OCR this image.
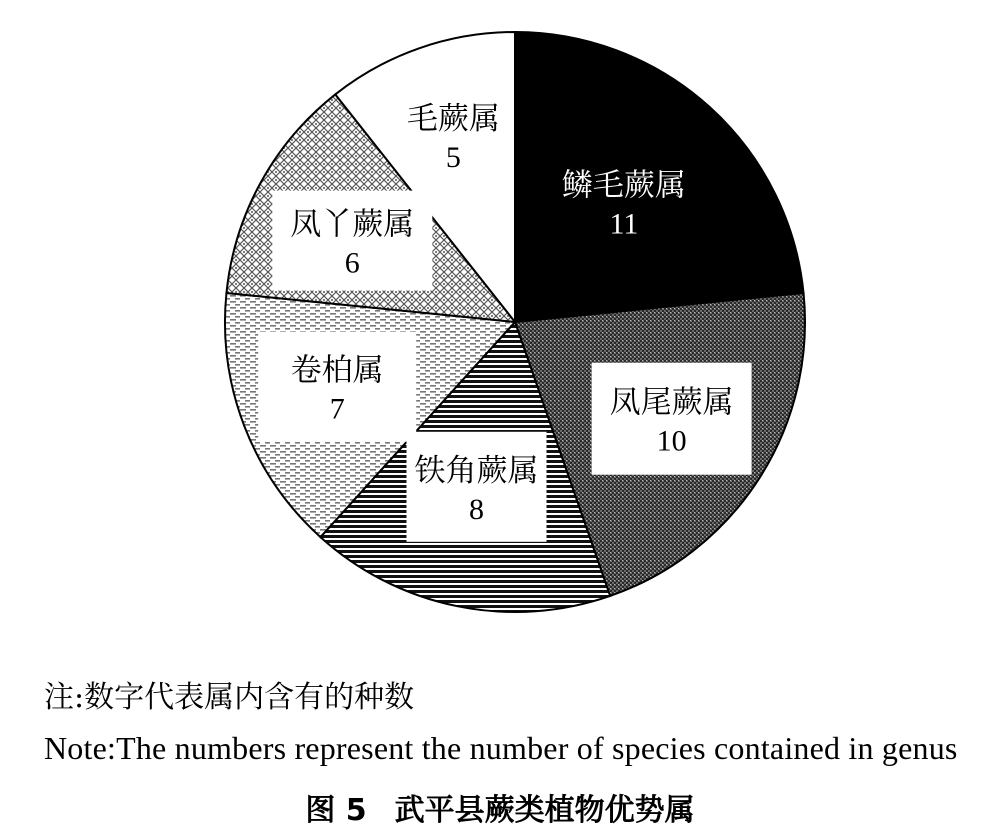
鳞毛蕨属
11
凤尾蕨属
10
铁角蕨属
8
卷柏属
7
凤丫蕨属
6
毛蕨属
5
注:数字代表属内含有的种数
Note:The numbers represent the number of species contained in genus
图 5 武平县蕨类植物优势属
